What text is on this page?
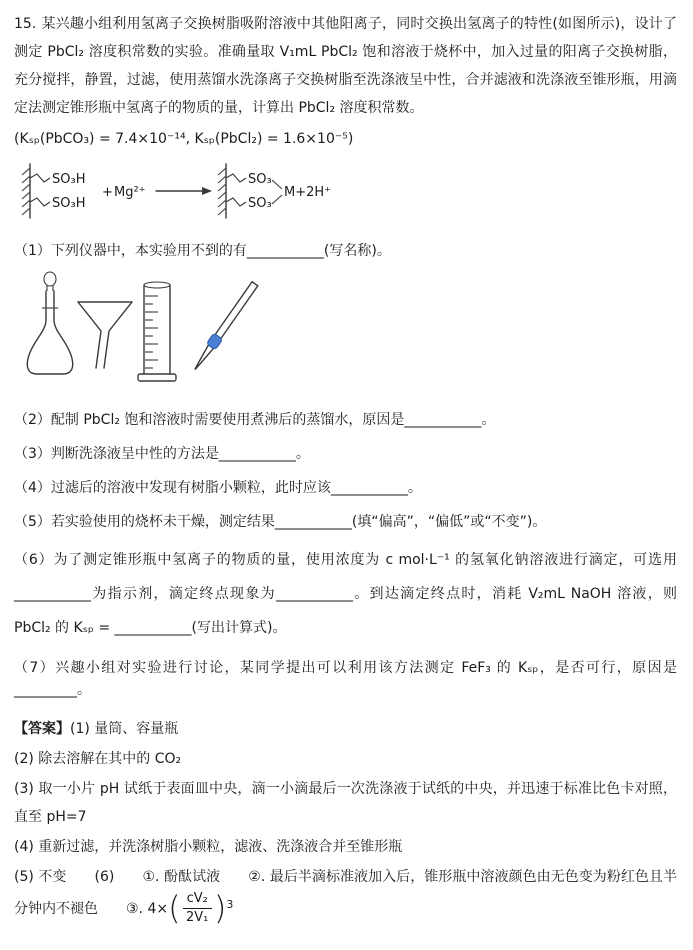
15. 某兴趣小组利用氢离子交换树脂吸附溶液中其他阳离子，同时交换出氢离子的特性(如图所示)，设计了测定 PbCl₂ 溶度积常数的实验。准确量取 V₁mL PbCl₂ 饱和溶液于烧杯中，加入过量的阳离子交换树脂，充分搅拌，静置，过滤，使用蒸馏水洗涤离子交换树脂至洗涤液呈中性，合并滤液和洗涤液至锥形瓶，用滴定法测定锥形瓶中氢离子的物质的量，计算出 PbCl₂ 溶度积常数。

(Kₛₚ(PbCO₃) = 7.4×10⁻¹⁴, Kₛₚ(PbCl₂) = 1.6×10⁻⁵)

SO₃H
SO₃H
+ Mg²⁺
SO₃
SO₃
M+2H⁺

（1）下列仪器中，本实验用不到的有___________(写名称)。

（2）配制 PbCl₂ 饱和溶液时需要使用煮沸后的蒸馏水，原因是___________。

（3）判断洗涤液呈中性的方法是___________。

（4）过滤后的溶液中发现有树脂小颗粒，此时应该___________。

（5）若实验使用的烧杯未干燥，测定结果___________(填“偏高”，“偏低”或“不变”)。

（6）为了测定锥形瓶中氢离子的物质的量，使用浓度为 c mol·L⁻¹ 的氢氧化钠溶液进行滴定，可选用___________为指示剂，滴定终点现象为___________。到达滴定终点时，消耗 V₂mL NaOH 溶液，则 PbCl₂ 的 Kₛₚ = ___________(写出计算式)。

（7）兴趣小组对实验进行讨论，某同学提出可以利用该方法测定 FeF₃ 的 Kₛₚ，是否可行，原因是_________。

【答案】(1) 量筒、容量瓶

(2) 除去溶解在其中的 CO₂

(3) 取一小片 pH 试纸于表面皿中央，滴一小滴最后一次洗涤液于试纸的中央，并迅速于标准比色卡对照，直至 pH=7

(4) 重新过滤，并洗涤树脂小颗粒，滤液、洗涤液合并至锥形瓶

(5) 不变　　(6)　　①. 酚酞试液　　②. 最后半滴标准液加入后，锥形瓶中溶液颜色由无色变为粉红色且半分钟内不褪色　　③. 4× ( $\frac{\text{cV₂}}{\text{2V₁}} )^3$
